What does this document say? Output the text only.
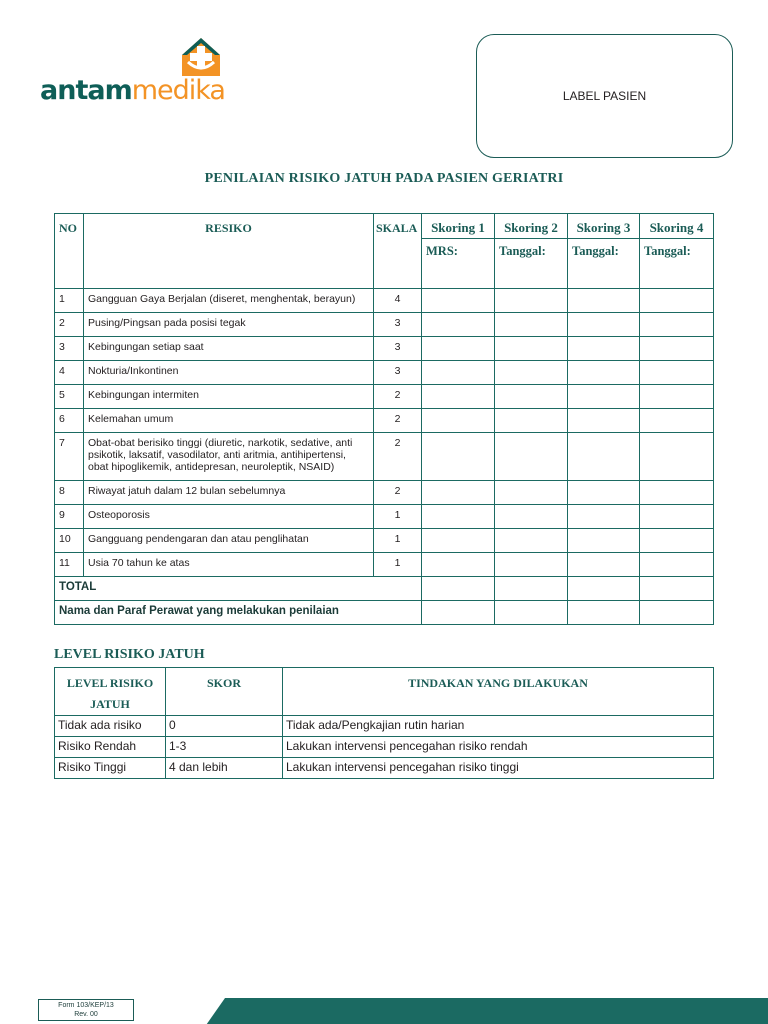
antammedika	LABEL PASIEN
PENILAIAN RISIKO JATUH PADA PASIEN GERIATRI
NO	RESIKO	SKALA	Skoring 1	Skoring 2	Skoring 3	Skoring 4
			MRS:	Tanggal:	Tanggal:	Tanggal:
1	Gangguan Gaya Berjalan (diseret, menghentak, berayun)	4				
2	Pusing/Pingsan pada posisi tegak	3				
3	Kebingungan setiap saat	3				
4	Nokturia/Inkontinen	3				
5	Kebingungan intermiten	2				
6	Kelemahan umum	2				
7	Obat-obat berisiko tinggi (diuretic, narkotik, sedative, anti psikotik, laksatif, vasodilator, anti aritmia, antihipertensi, obat hipoglikemik, antidepresan, neuroleptik, NSAID)	2				
8	Riwayat jatuh dalam 12 bulan sebelumnya	2				
9	Osteoporosis	1				
10	Gangguang pendengaran dan atau penglihatan	1				
11	Usia 70 tahun ke atas	1				
TOTAL						
Nama dan Paraf Perawat yang melakukan penilaian						
LEVEL RISIKO JATUH
LEVEL RISIKO JATUH	SKOR	TINDAKAN YANG DILAKUKAN
Tidak ada risiko	0	Tidak ada/Pengkajian rutin harian
Risiko Rendah	1-3	Lakukan intervensi pencegahan risiko rendah
Risiko Tinggi	4 dan lebih	Lakukan intervensi pencegahan risiko tinggi
Form 103/KEP/13
Rev. 00
